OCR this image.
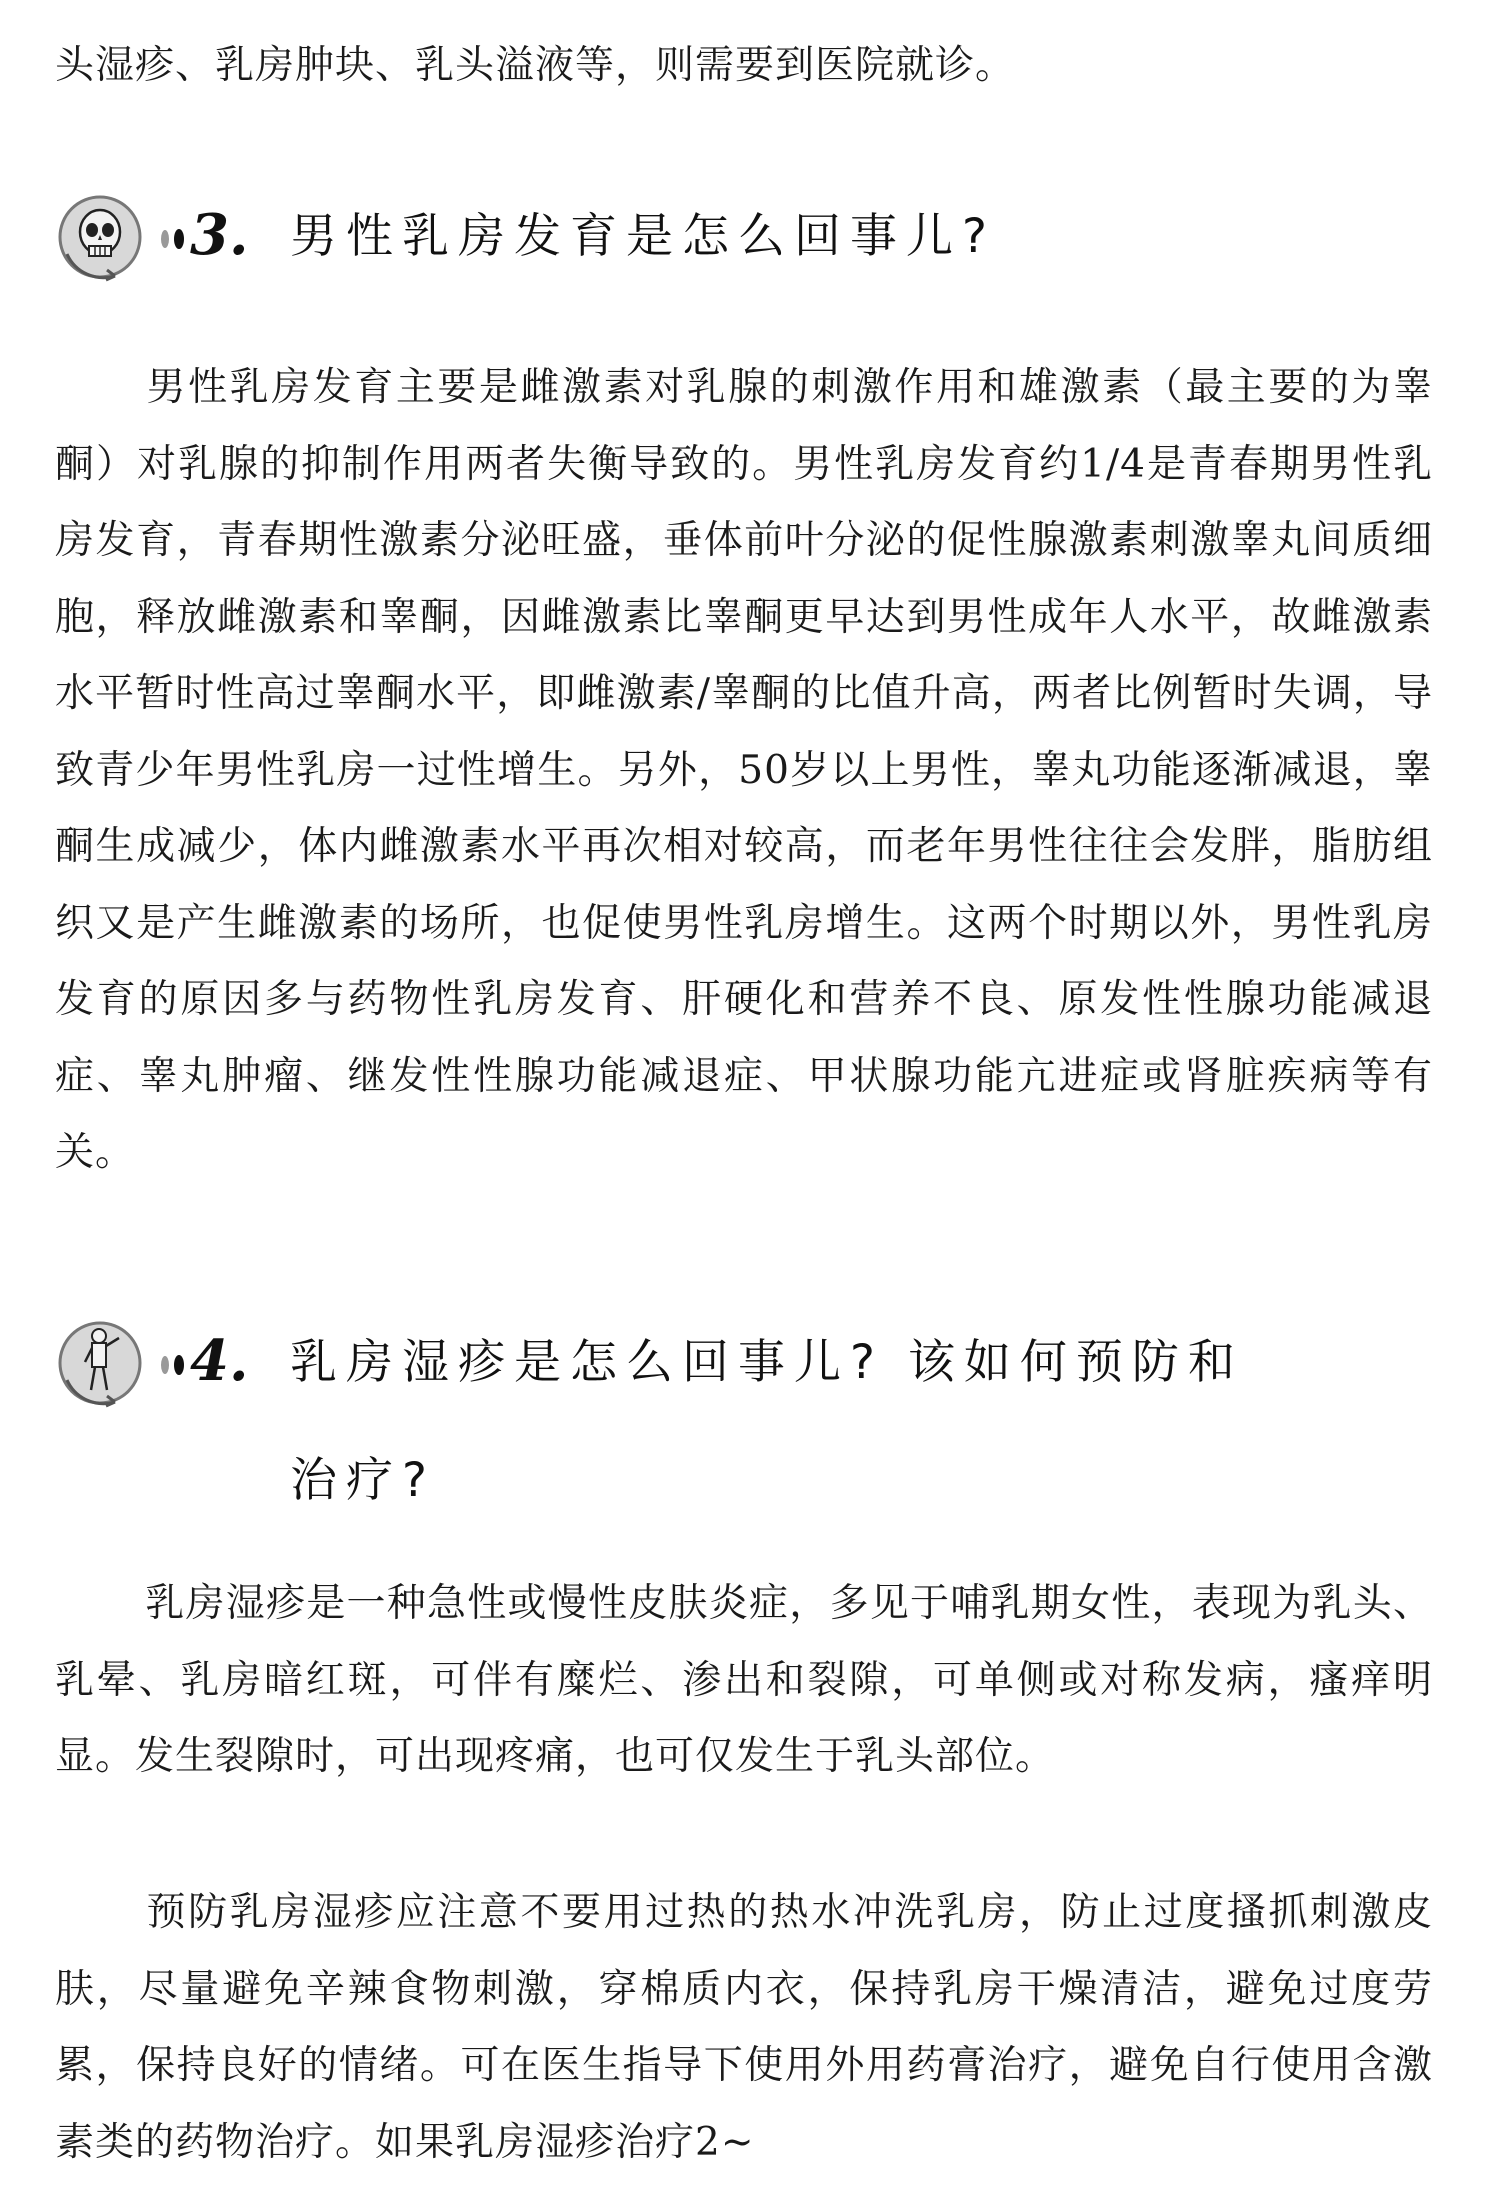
头湿疹、乳房肿块、乳头溢液等，则需要到医院就诊。

3. 男性乳房发育是怎么回事儿?

男性乳房发育主要是雌激素对乳腺的刺激作用和雄激素（最主要的为睾酮）对乳腺的抑制作用两者失衡导致的。男性乳房发育约1/4是青春期男性乳房发育，青春期性激素分泌旺盛，垂体前叶分泌的促性腺激素刺激睾丸间质细胞，释放雌激素和睾酮，因雌激素比睾酮更早达到男性成年人水平，故雌激素水平暂时性高过睾酮水平，即雌激素/睾酮的比值升高，两者比例暂时失调，导致青少年男性乳房一过性增生。另外，50岁以上男性，睾丸功能逐渐减退，睾酮生成减少，体内雌激素水平再次相对较高，而老年男性往往会发胖，脂肪组织又是产生雌激素的场所，也促使男性乳房增生。这两个时期以外，男性乳房发育的原因多与药物性乳房发育、肝硬化和营养不良、原发性性腺功能减退症、睾丸肿瘤、继发性性腺功能减退症、甲状腺功能亢进症或肾脏疾病等有关。

4. 乳房湿疹是怎么回事儿? 该如何预防和
治疗?

乳房湿疹是一种急性或慢性皮肤炎症，多见于哺乳期女性，表现为乳头、乳晕、乳房暗红斑，可伴有糜烂、渗出和裂隙，可单侧或对称发病，瘙痒明显。发生裂隙时，可出现疼痛，也可仅发生于乳头部位。

预防乳房湿疹应注意不要用过热的热水冲洗乳房，防止过度搔抓刺激皮肤，尽量避免辛辣食物刺激，穿棉质内衣，保持乳房干燥清洁，避免过度劳累，保持良好的情绪。可在医生指导下使用外用药膏治疗，避免自行使用含激素类的药物治疗。如果乳房湿疹治疗2~
